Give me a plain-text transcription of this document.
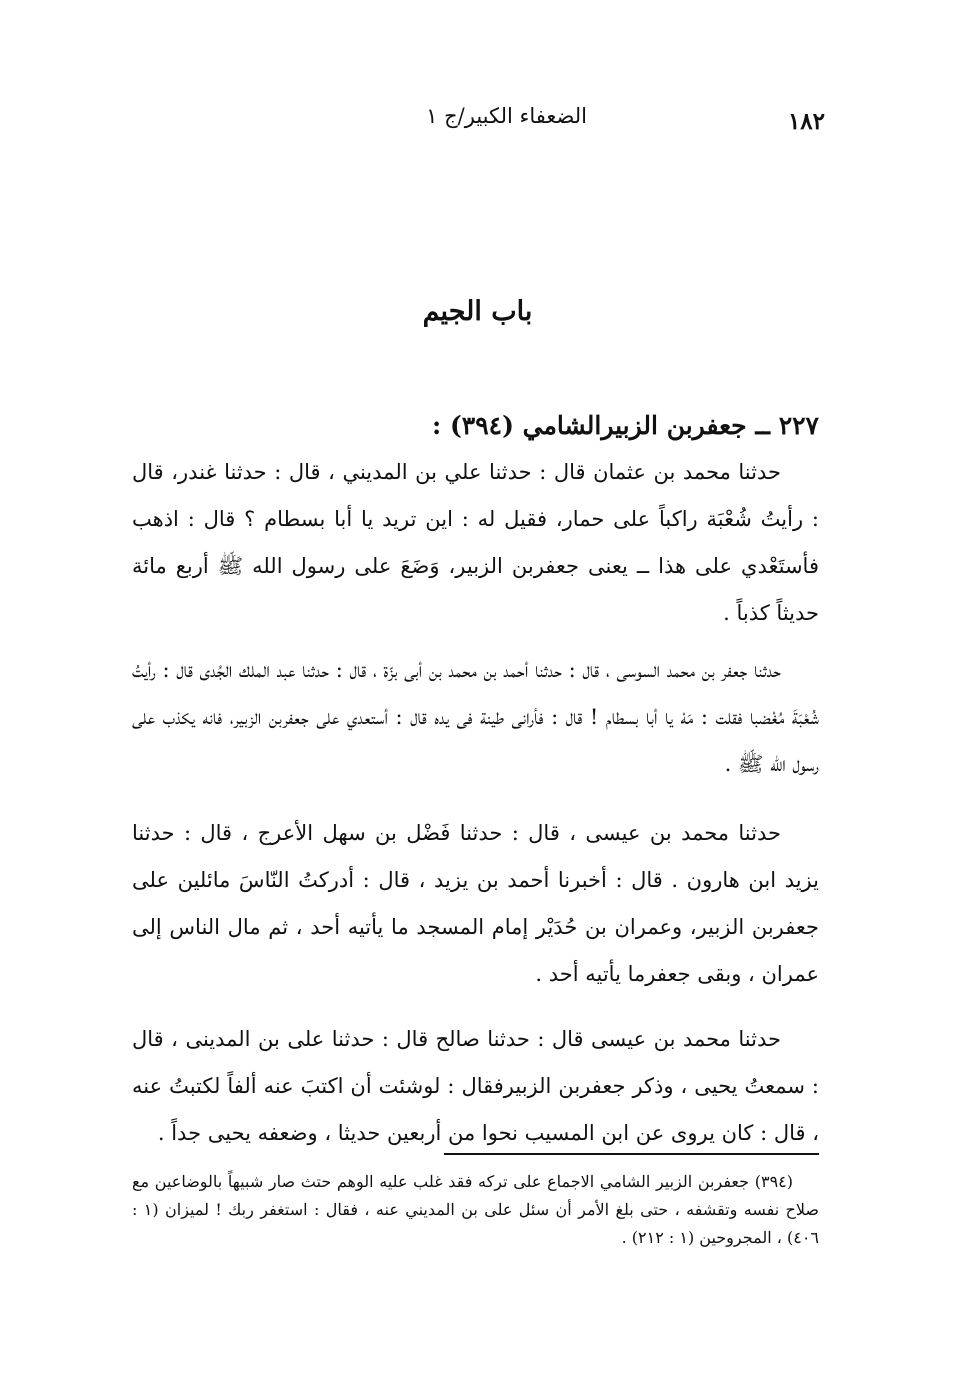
١٨٢
الضعفاء الكبير/ج ١
باب الجيم

٢٢٧ ــ جعفربن الزبيرالشامي (٣٩٤) :

حدثنا محمد بن عثمان قال : حدثنا علي بن المديني ، قال : حدثنا غندر، قال : رأيتُ شُعْبَة راكباً على حمار، فقيل له : اين تريد يا أبا بسطام ؟ قال : اذهب فأستَعْدي على هذا ــ يعنى جعفربن الزبير، وَضَعَ على رسول الله ﷺ أربع مائة حديثاً كذباً .

حدثنا جعفر بن محمد السوسى ، قال : حدثنا أحمد بن محمد بن أبى بزّة ، قال : حدثنا عبد الملك الجُدى قال : رأيتُ شُعْبَةَ مُغْضبا فقلت : مَهْ يا أبا بسطام ! قال : فأرانى طينة فى يده قال : أستعدي على جعفربن الزبير، فانه يكذب على رسول الله ﷺ .

حدثنا محمد بن عيسى ، قال : حدثنا فَضْل بن سهل الأعرج ، قال : حدثنا يزيد ابن هارون . قال : أخبرنا أحمد بن يزيد ، قال : أدركتُ النّاسَ مائلين على جعفربن الزبير، وعمران بن حُدَيْر إمام المسجد ما يأتيه أحد ، ثم مال الناس إلى عمران ، وبقى جعفرما يأتيه أحد .

حدثنا محمد بن عيسى قال : حدثنا صالح قال : حدثنا على بن المدينى ، قال : سمعتُ يحيى ، وذكر جعفربن الزبيرفقال : لوشئت أن اكتبَ عنه ألفاً لكتبتُ عنه ، قال : كان يروى عن ابن المسيب نحوا من أربعين حديثا ، وضعفه يحيى جداً .

(٣٩٤) جعفربن الزبير الشامي الاجماع على تركه فقد غلب عليه الوهم حتث صار شبيهاً بالوضاعين مع صلاح نفسه وتقشفه ، حتى بلغ الأمر أن سئل على بن المديني عنه ، فقال : استغفر ربك ! لميزان (١ : ٤٠٦) ، المجروحين (١ : ٢١٢) .
